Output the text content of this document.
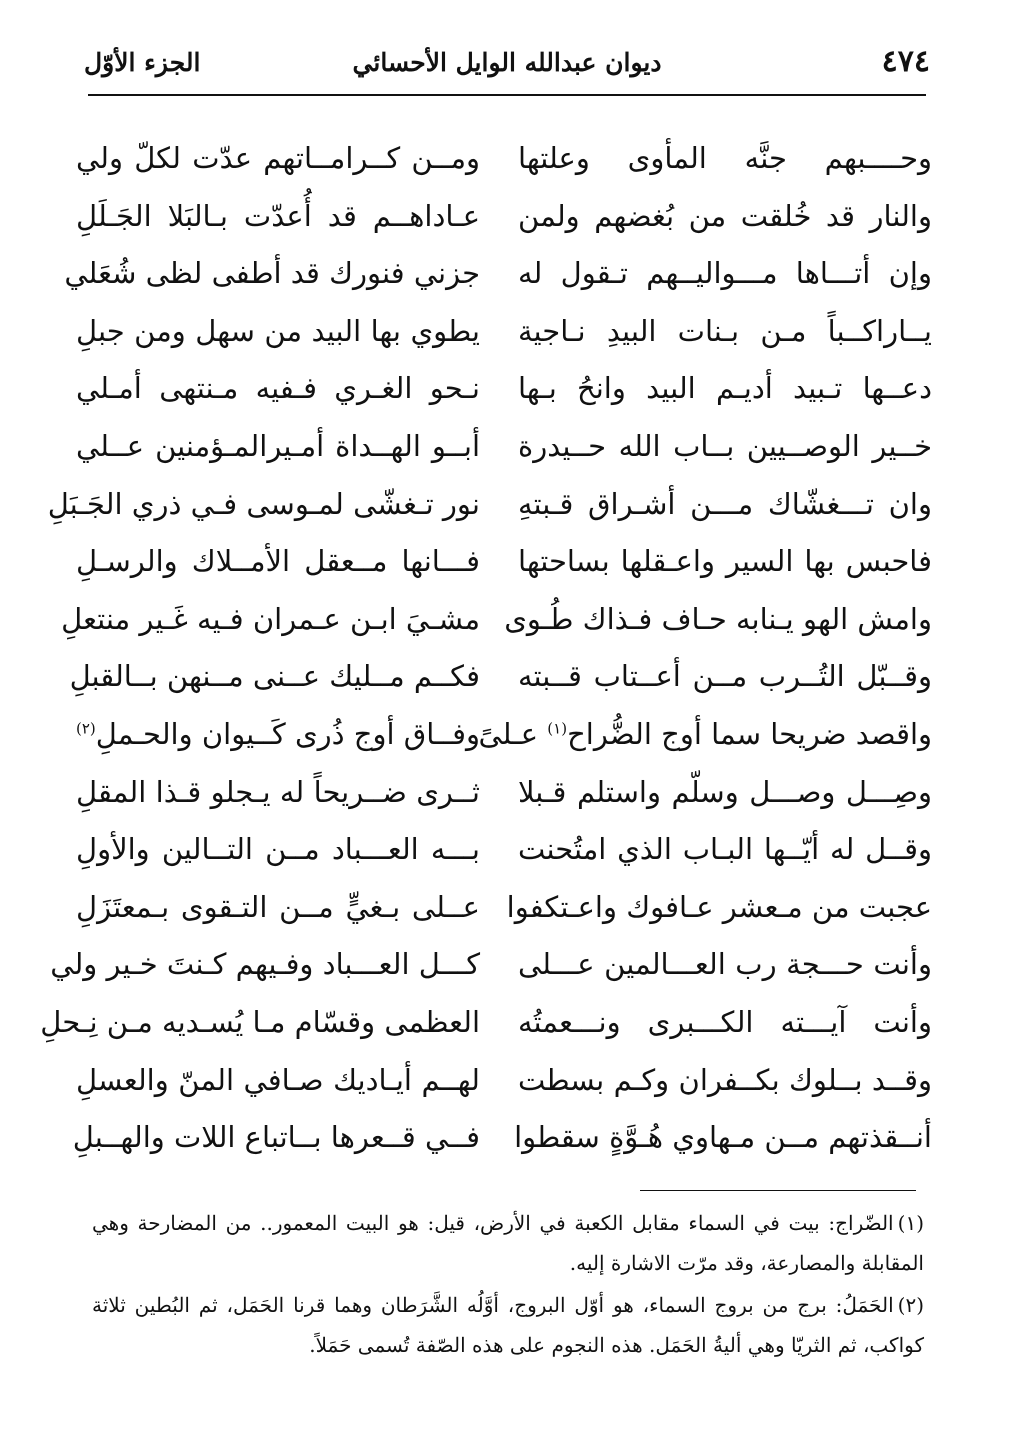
٤٧٤
ديوان عبدالله الوايل الأحسائي
الجزء الأوّل
وحــــبهم جنَّه المأوى وعلتها
ومــن كــرامــاتهم عدّت لكلّ ولي
والنار قد خُلقت من بُغضهم ولمن
عـاداهــم قد أُعدّت بـالبَلا الجَـلَلِ
وإن أتـــاها مـــواليــهم تـقول له
جزني فنورك قد أطفى لظى شُعَلي
يــاراكــباً مـن بـنات البيدِ نـاجية
يطوي بها البيد من سهل ومن جبلِ
دعــها تـبيد أديـم البيد وانحُ بـها
نـحو الغـري فـفيه مـنتهى أمـلي
خــير الوصــيين بــاب الله حــيدرة
أبــو الهــداة أمـيرالمـؤمنين عــلي
وان تـــغشّاك مـــن أشـراق قـبتهِ
نور تـغشّى لمـوسى فـي ذري الجَـبَلِ
فاحبس بها السير واعـقلها بساحتها
فـــانها مــعقل الأمــلاك والرسـلِ
وامش الهو يـنابه حـاف فـذاك طُـوى
مشـيَ ابـن عـمران فـيه غَـير منتعلِ
وقــبّل التُــرب مــن أعــتاب قــبته
فكــم مــليك عــنى مــنهن بــالقبلِ
واقصد ضريحا سما أوج الضُّراح$^{(١)}$ عـلىً
وفــاق أوج ذُرى كَــيوان والحـملِ$^{(٢)}$
وصِـــل وصـــل وسلّم واستلم قـبلا
ثــرى ضــريحاً له يـجلو قـذا المقلِ
وقــل له أيّــها البـاب الذي امتُحنت
بـــه العـــباد مــن التــالين والأولِ
عجبت من مـعشر عـافوك واعـتكفوا
عــلى بـغيٍّ مــن التـقوى بـمعتَزَلِ
وأنت حـــجة رب العـــالمين عـــلى
كـــل العـــباد وفـيهم كـنتَ خـير ولي
وأنت آيـــته الكـــبرى ونـــعمتُه
العظمى وقسّام مـا يُسـديه مـن نِـحلِ
وقــد بــلوك بكــفران وكـم بسطت
لهــم أيـاديك صـافي المنّ والعسلِ
أنــقذتهم مــن مـهاوي هُـوَّةٍ سقطوا
فــي قــعرها بــاتباع اللات والهــبلِ

(١)الضّراج: بيت في السماء مقابل الكعبة في الأرض، قيل: هو البيت المعمور.. من المضارحة وهي المقابلة والمصارعة، وقد مرّت الاشارة إليه.

(٢)الحَمَلُ: برج من بروج السماء، هو أوّل البروج، أوَّلُه الشَّرَطان وهما قرنا الحَمَل، ثم البُطين ثلاثة كواكب، ثم الثريّا وهي أليةُ الحَمَل. هذه النجوم على هذه الصّفة تُسمى حَمَلاً.
